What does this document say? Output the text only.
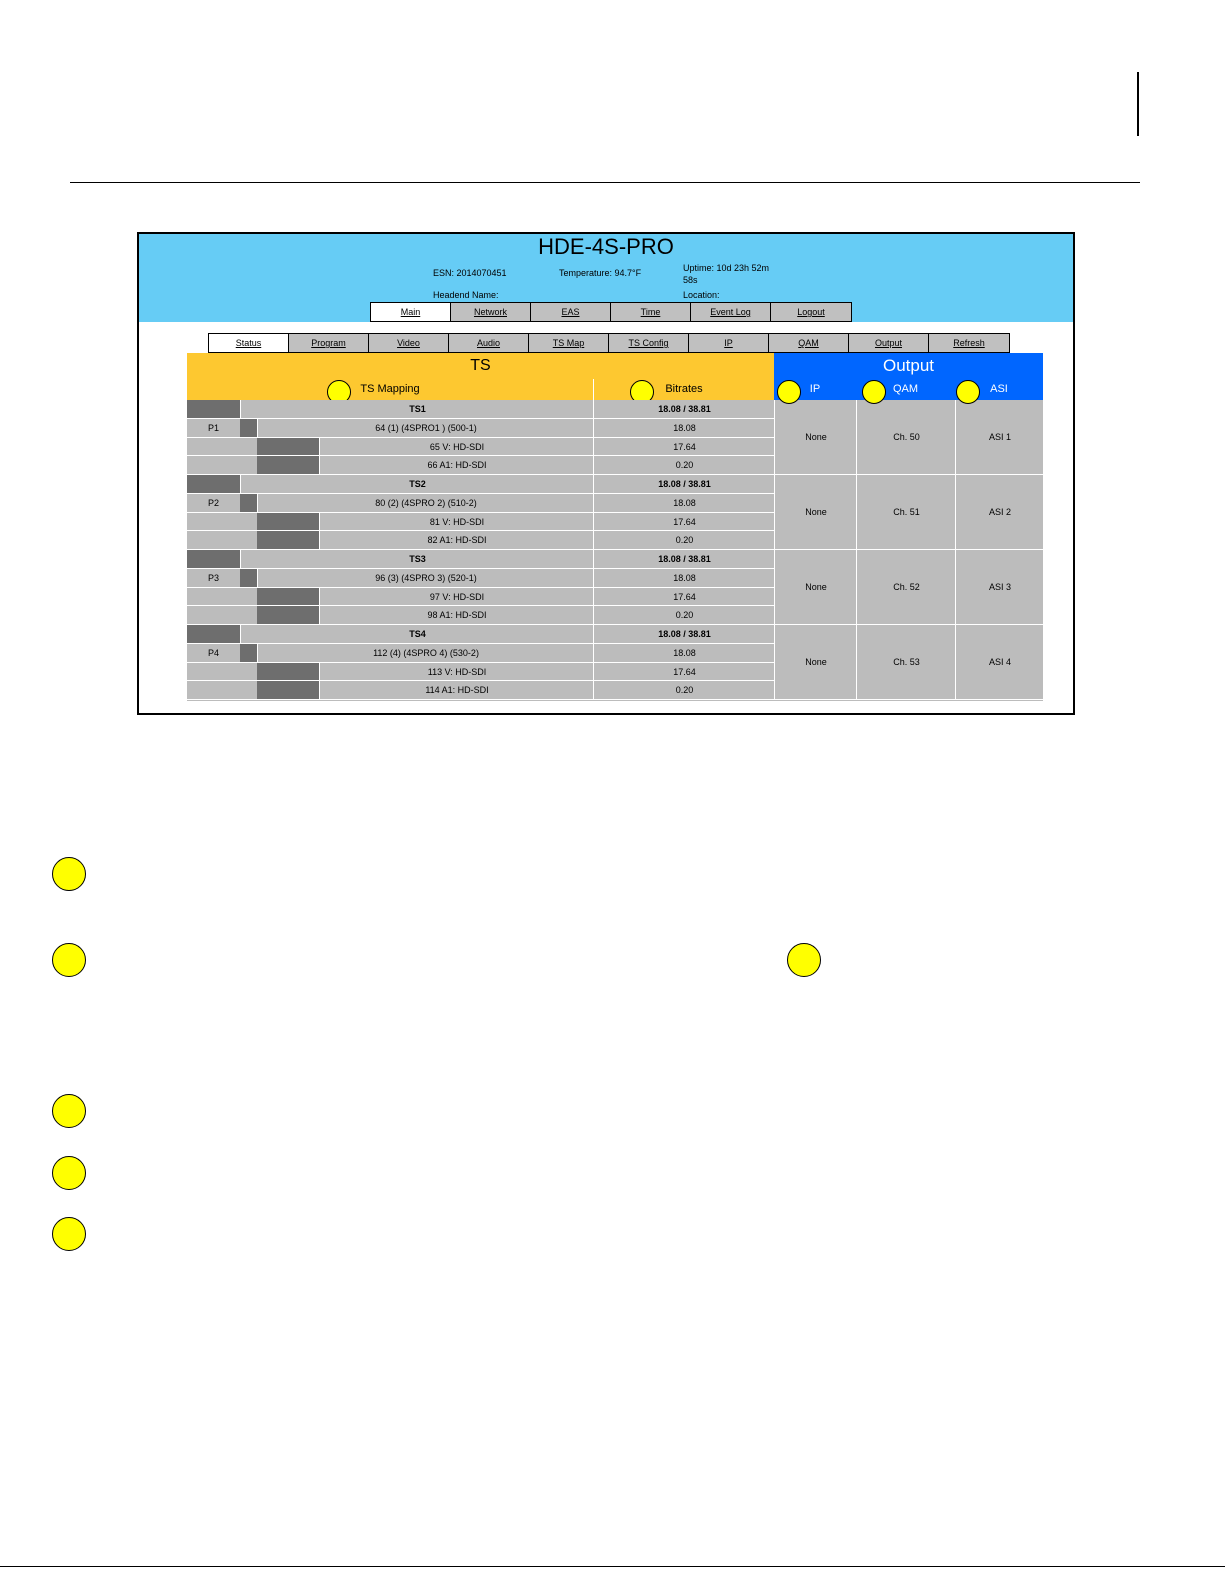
HDE-4S-PRO
ESN: 2014070451	Temperature: 94.7°F	Uptime: 10d 23h 52m
58s
Headend Name:	Location:
Main	Network	EAS	Time	Event Log	Logout
Status	Program	Video	Audio	TS Map	TS Config	IP	QAM	Output	Refresh
TS
TS Mapping	Bitrates
Output
IP	QAM	ASI
TS1	18.08 / 38.81
P1	64 (1) (4SPRO1 ) (500-1)	18.08
65 V: HD-SDI	17.64
66 A1: HD-SDI	0.20
TS2	18.08 / 38.81
P2	80 (2) (4SPRO 2) (510-2)	18.08
81 V: HD-SDI	17.64
82 A1: HD-SDI	0.20
TS3	18.08 / 38.81
P3	96 (3) (4SPRO 3) (520-1)	18.08
97 V: HD-SDI	17.64
98 A1: HD-SDI	0.20
TS4	18.08 / 38.81
P4	112 (4) (4SPRO 4) (530-2)	18.08
113 V: HD-SDI	17.64
114 A1: HD-SDI	0.20
None	Ch. 50	ASI 1
None	Ch. 51	ASI 2
None	Ch. 52	ASI 3
None	Ch. 53	ASI 4
